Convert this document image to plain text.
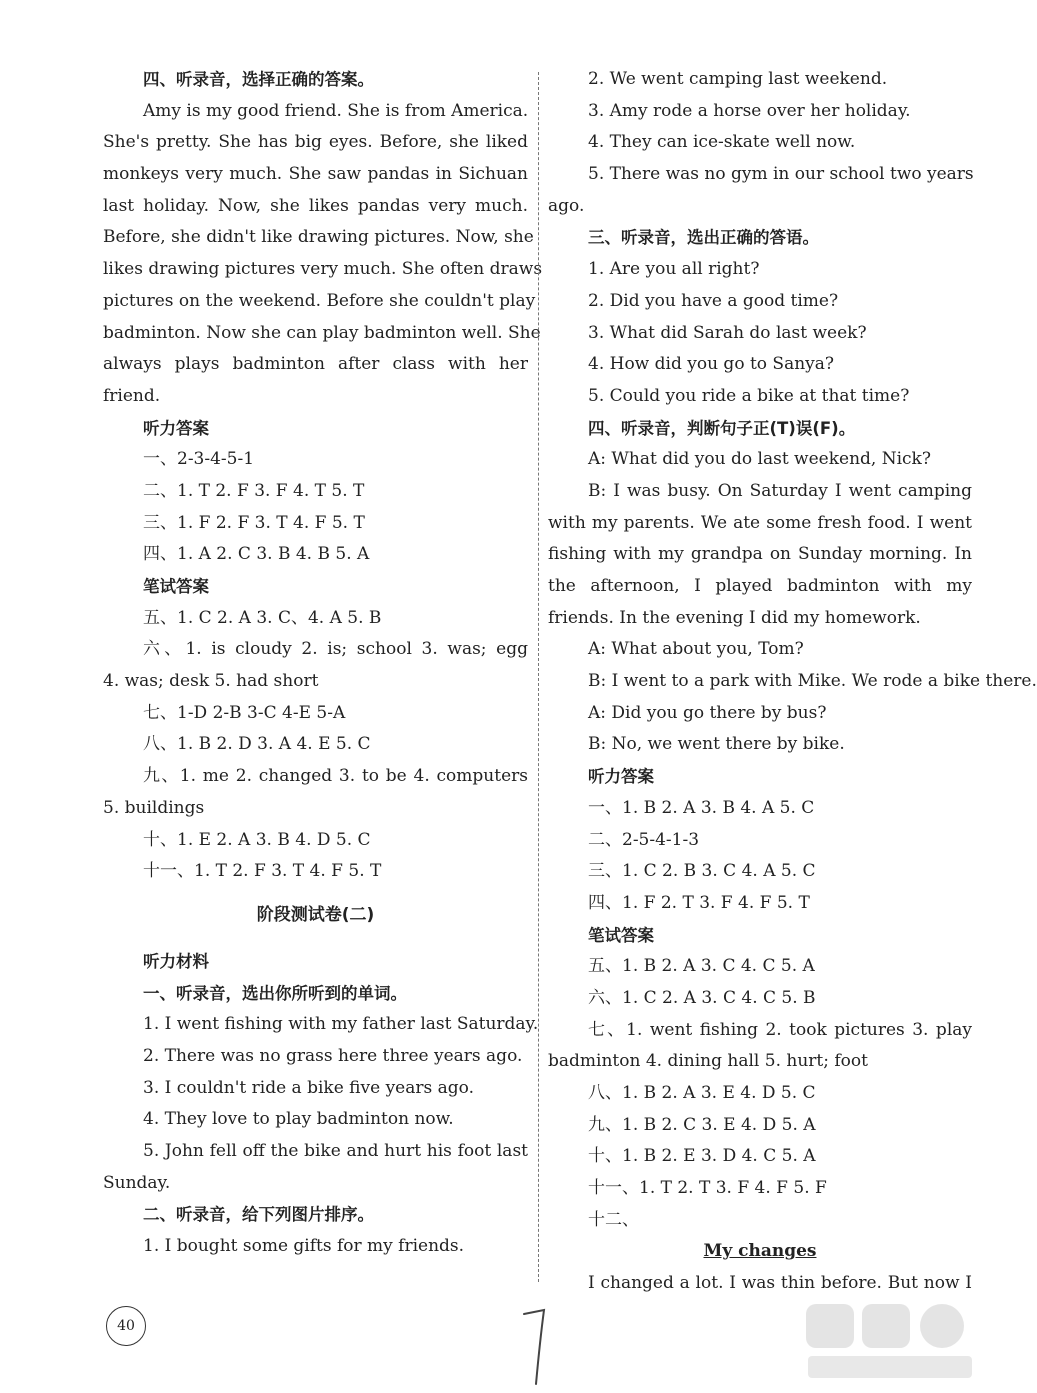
四、听录音，选择正确的答案。
Amy is my good friend. She is from America.
She's pretty. She has big eyes. Before, she liked
monkeys very much. She saw pandas in Sichuan
last holiday. Now, she likes pandas very much.
Before, she didn't like drawing pictures. Now, she
likes drawing pictures very much. She often draws
pictures on the weekend. Before she couldn't play
badminton. Now she can play badminton well. She
always plays badminton after class with her
friend.
听力答案
一、2-3-4-5-1
二、1. T 2. F 3. F 4. T 5. T
三、1. F 2. F 3. T 4. F 5. T
四、1. A 2. C 3. B 4. B 5. A
笔试答案
五、1. C 2. A 3. C、4. A 5. B
六、1. is cloudy 2. is; school 3. was; egg
4. was; desk 5. had short
七、1-D 2-B 3-C 4-E 5-A
八、1. B 2. D 3. A 4. E 5. C
九、1. me 2. changed 3. to be 4. computers
5. buildings
十、1. E 2. A 3. B 4. D 5. C
十一、1. T 2. F 3. T 4. F 5. T
阶段测试卷(二)
听力材料
一、听录音，选出你所听到的单词。
1. I went fishing with my father last Saturday.
2. There was no grass here three years ago.
3. I couldn't ride a bike five years ago.
4. They love to play badminton now.
5. John fell off the bike and hurt his foot last
Sunday.
二、听录音，给下列图片排序。
1. I bought some gifts for my friends.
2. We went camping last weekend.
3. Amy rode a horse over her holiday.
4. They can ice-skate well now.
5. There was no gym in our school two years
ago.
三、听录音，选出正确的答语。
1. Are you all right?
2. Did you have a good time?
3. What did Sarah do last week?
4. How did you go to Sanya?
5. Could you ride a bike at that time?
四、听录音，判断句子正(T)误(F)。
A: What did you do last weekend, Nick?
B: I was busy. On Saturday I went camping
with my parents. We ate some fresh food. I went
fishing with my grandpa on Sunday morning. In
the afternoon, I played badminton with my
friends. In the evening I did my homework.
A: What about you, Tom?
B: I went to a park with Mike. We rode a bike there.
A: Did you go there by bus?
B: No, we went there by bike.
听力答案
一、1. B 2. A 3. B 4. A 5. C
二、2-5-4-1-3
三、1. C 2. B 3. C 4. A 5. C
四、1. F 2. T 3. F 4. F 5. T
笔试答案
五、1. B 2. A 3. C 4. C 5. A
六、1. C 2. A 3. C 4. C 5. B
七、1. went fishing 2. took pictures 3. play
badminton 4. dining hall 5. hurt; foot
八、1. B 2. A 3. E 4. D 5. C
九、1. B 2. C 3. E 4. D 5. A
十、1. B 2. E 3. D 4. C 5. A
十一、1. T 2. T 3. F 4. F 5. F
十二、
My changes
I changed a lot. I was thin before. But now I
40
